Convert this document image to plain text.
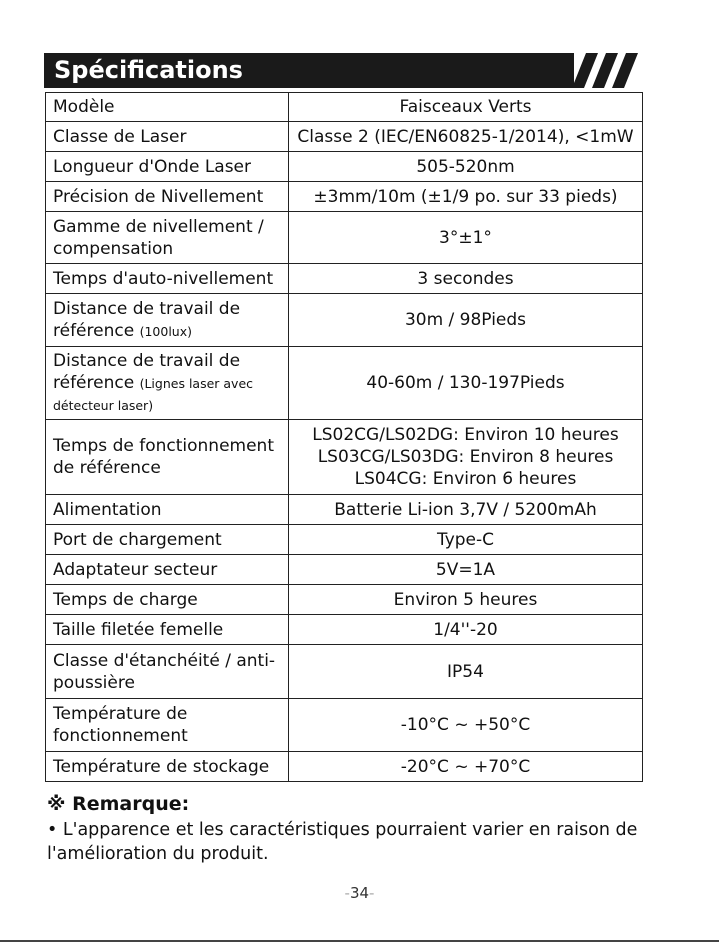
Spécifications
Modèle	Faisceaux Verts
Classe de Laser	Classe 2 (IEC/EN60825-1/2014), <1mW
Longueur d'Onde Laser	505-520nm
Précision de Nivellement	±3mm/10m (±1/9 po. sur 33 pieds)
Gamme de nivellement / compensation	3°±1°
Temps d'auto-nivellement	3 secondes
Distance de travail de référence (100lux)	30m / 98Pieds
Distance de travail de référence (Lignes laser avec détecteur laser)	40-60m / 130-197Pieds
Temps de fonctionnement de référence	LS02CG/LS02DG: Environ 10 heures
LS03CG/LS03DG: Environ 8 heures
LS04CG: Environ 6 heures

Alimentation	Batterie Li-ion 3,7V / 5200mAh
Port de chargement	Type-C
Adaptateur secteur	5V=1A
Temps de charge	Environ 5 heures
Taille filetée femelle	1/4''-20
Classe d'étanchéité / anti-poussière	IP54
Température de fonctionnement	-10°C ~ +50°C
Température de stockage	-20°C ~ +70°C
※ Remarque:
• L'apparence et les caractéristiques pourraient varier en raison de l'amélioration du produit.
-34-
